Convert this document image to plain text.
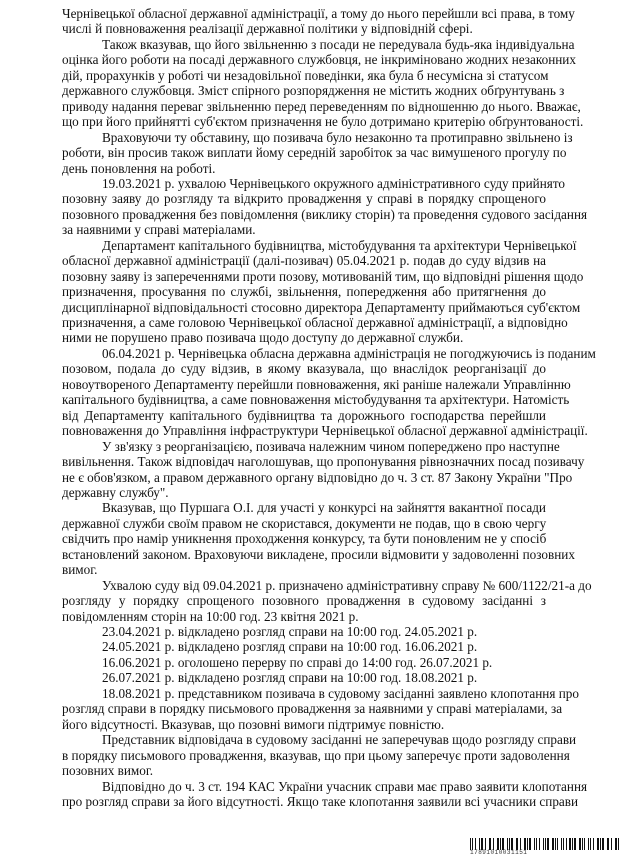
Чернівецької обласної державної адміністрації, а тому до нього перейшли всі права, в тому
числі й повноваження реалізації державної політики у відповідній сфері.
Також вказував, що його звільненню з посади не передувала будь-яка індивідуальна
оцінка його роботи на посаді державного службовця, не інкриміновано жодних незаконних
дій, прорахунків у роботі чи незадовільної поведінки, яка була б несумісна зі статусом
державного службовця. Зміст спірного розпорядження не містить жодних обґрунтувань з
приводу надання переваг звільненню перед переведенням по відношенню до нього. Вважає,
що при його прийнятті суб'єктом призначення не було дотримано критерію обґрунтованості.
Враховуючи ту обставину, що позивача було незаконно та протиправно звільнено із
роботи, він просив також виплати йому середній заробіток за час вимушеного прогулу по
день поновлення на роботі.
19.03.2021 р. ухвалою Чернівецького окружного адміністративного суду прийнято
позовну заяву до розгляду та відкрито провадження у справі в порядку спрощеного
позовного провадження без повідомлення (виклику сторін) та проведення судового засідання
за наявними у справі матеріалами.
Департамент капітального будівництва, містобудування та архітектури Чернівецької
обласної державної адміністрації (далі-позивач) 05.04.2021 р. подав до суду відзив на
позовну заяву із запереченнями проти позову, мотивованій тим, що відповідні рішення щодо
призначення, просування по службі, звільнення, попередження або притягнення до
дисциплінарної відповідальності стосовно директора Департаменту приймаються суб'єктом
призначення, а саме головою Чернівецької обласної державної адміністрації, а відповідно
ними не порушено право позивача щодо доступу до державної служби.
06.04.2021 р. Чернівецька обласна державна адміністрація не погоджуючись із поданим
позовом, подала до суду відзив, в якому вказувала, що внаслідок реорганізації до
новоутвореного Департаменту перейшли повноваження, які раніше належали Управлінню
капітального будівництва, а саме повноваження містобудування та архітектури. Натомість
від Департаменту капітального будівництва та дорожнього господарства перейшли
повноваження до Управління інфраструктури Чернівецької обласної державної адміністрації.
У зв'язку з реорганізацією, позивача належним чином попереджено про наступне
вивільнення. Також відповідач наголошував, що пропонування рівнозначних посад позивачу
не є обов'язком, а правом державного органу відповідно до ч. 3 ст. 87 Закону України "Про
державну службу".
Вказував, що Пуршага О.І. для участі у конкурсі на зайняття вакантної посади
державної служби своїм правом не скористався, документи не подав, що в свою чергу
свідчить про намір уникнення проходження конкурсу, та бути поновленим не у спосіб
встановлений законом. Враховуючи викладене, просили відмовити у задоволенні позовних
вимог.
Ухвалою суду від 09.04.2021 р. призначено адміністративну справу № 600/1122/21-а до
розгляду у порядку спрощеного позовного провадження в судовому засіданні з
повідомленням сторін на 10:00 год. 23 квітня 2021 р.
23.04.2021 р. відкладено розгляд справи на 10:00 год. 24.05.2021 р.
24.05.2021 р. відкладено розгляд справи на 10:00 год. 16.06.2021 р.
16.06.2021 р. оголошено перерву по справі до 14:00 год. 26.07.2021 р.
26.07.2021 р. відкладено розгляд справи на 10:00 год. 18.08.2021 р.
18.08.2021 р. представником позивача в судовому засіданні заявлено клопотання про
розгляд справи в порядку письмового провадження за наявними у справі матеріалами, за
його відсутності. Вказував, що позовні вимоги підтримує повністю.
Представник відповідача в судовому засіданні не заперечував щодо розгляду справи
в порядку письмового провадження, вказував, що при цьому заперечує проти задоволення
позовних вимог.
Відповідно до ч. 3 ст. 194 КАС України учасник справи має право заявити клопотання
про розгляд справи за його відсутності. Якщо таке клопотання заявили всі учасники справи
17891010031151
